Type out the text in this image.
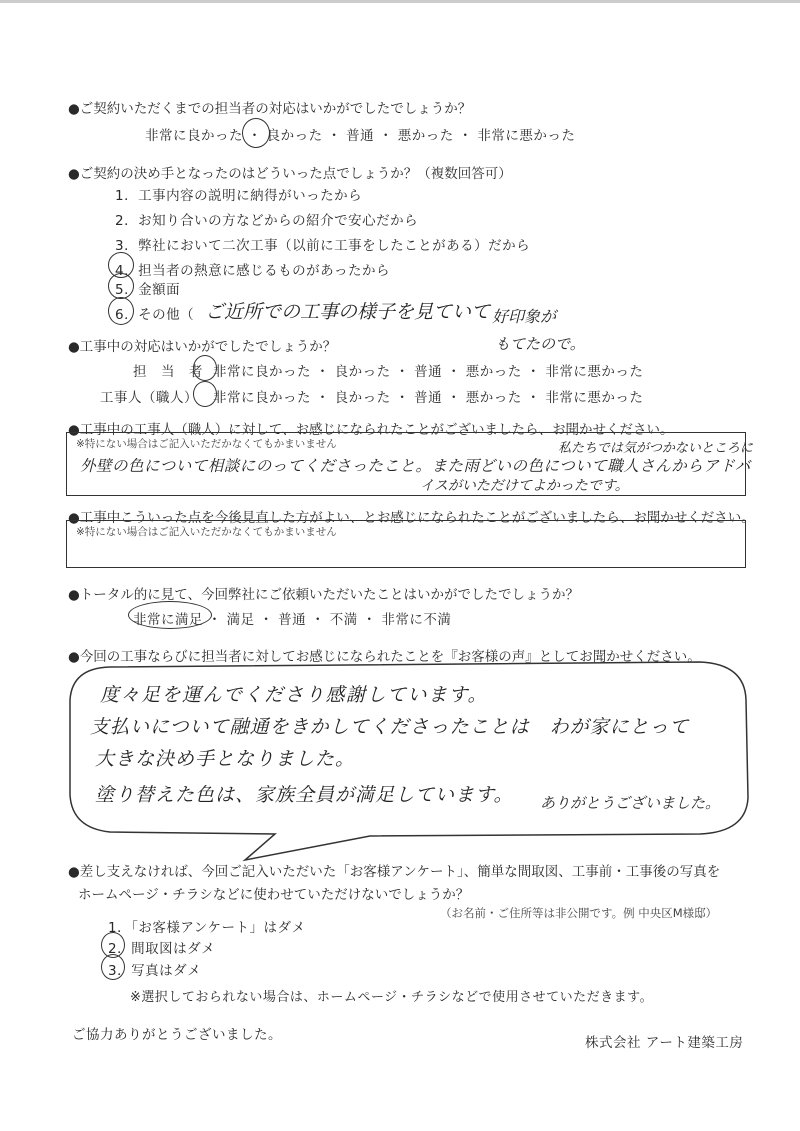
●ご契約いただくまでの担当者の対応はいかがでしたでしょうか？
非常に良かった ・ 良かった ・ 普通 ・ 悪かった ・ 非常に悪かった
●ご契約の決め手となったのはどういった点でしょうか？（複数回答可）
1．工事内容の説明に納得がいったから
2．お知り合いの方などからの紹介で安心だから
3．弊社において二次工事（以前に工事をしたことがある）だから
4．担当者の熱意に感じるものがあったから
5．金額面
6．その他（ ご近所での工事の様子を見ていて 好印象が
もてたので。
●工事中の対応はいかがでしたでしょうか？
担　当　者 非常に良かった ・ 良かった ・ 普通 ・ 悪かった ・ 非常に悪かった
工事人（職人） 非常に良かった ・ 良かった ・ 普通 ・ 悪かった ・ 非常に悪かった
●工事中の工事人（職人）に対して、お感じになられたことがございましたら、お聞かせください。
※特にない場合はご記入いただかなくてもかまいません	私たちでは気がつかないところに
外壁の色について相談にのってくださったこと。また雨どいの色について職人さんからアドバ
イスがいただけてよかったです。
●工事中こういった点を今後見直した方がよい、とお感じになられたことがございましたら、お聞かせください。
※特にない場合はご記入いただかなくてもかまいません
●トータル的に見て、今回弊社にご依頼いただいたことはいかがでしたでしょうか？
非常に満足 ・ 満足 ・ 普通 ・ 不満 ・ 非常に不満
●今回の工事ならびに担当者に対してお感じになられたことを『お客様の声』としてお聞かせください。
度々足を運んでくださり感謝しています。
支払いについて融通をきかしてくださったことは　わが家にとって
大きな決め手となりました。
塗り替えた色は、家族全員が満足しています。 ありがとうございました。
●差し支えなければ、今回ご記入いただいた「お客様アンケート」、簡単な間取図、工事前・工事後の写真を
ホームページ・チラシなどに使わせていただけないでしょうか？
（お名前・ご住所等は非公開です。例 中央区M様邸）
1．「お客様アンケート」はダメ
2．間取図はダメ
3．写真はダメ
※選択しておられない場合は、ホームページ・チラシなどで使用させていただきます。
ご協力ありがとうございました。	株式会社 アート建築工房
